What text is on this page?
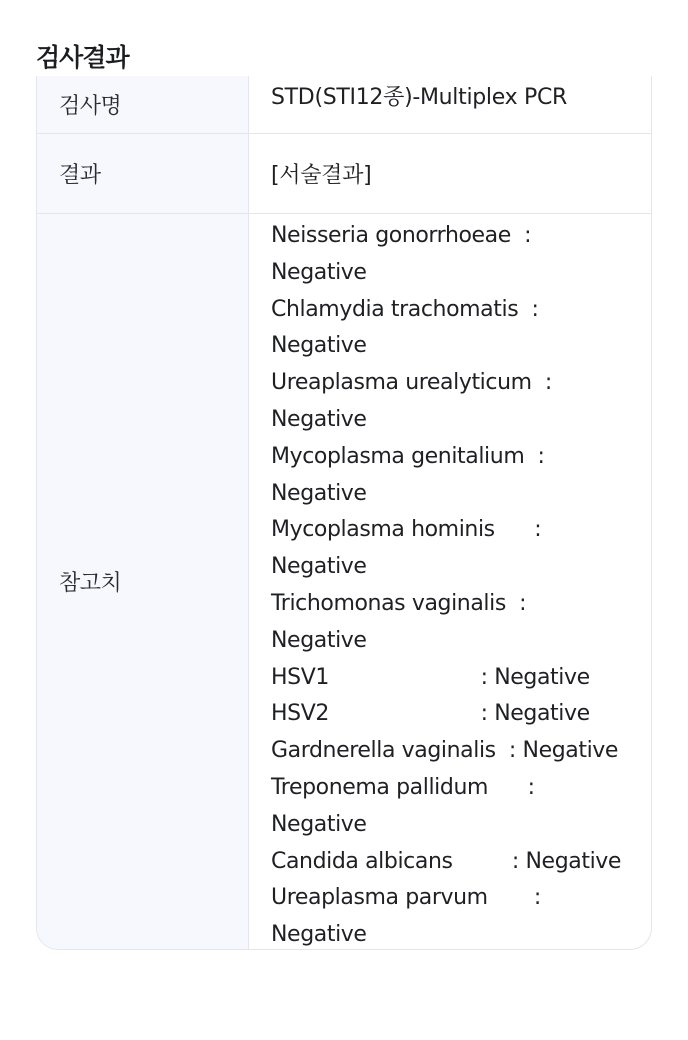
검사결과
검사명	STD(STI12종)-Multiplex PCR
결과	[서술결과]
참고치
Neisseria gonorrhoeae  :
Negative
Chlamydia trachomatis  :
Negative
Ureaplasma urealyticum  :
Negative
Mycoplasma genitalium  :
Negative
Mycoplasma hominis      :
Negative
Trichomonas vaginalis  :
Negative
HSV1                       : Negative
HSV2                       : Negative
Gardnerella vaginalis  : Negative
Treponema pallidum      :
Negative
Candida albicans         : Negative
Ureaplasma parvum       :
Negative
